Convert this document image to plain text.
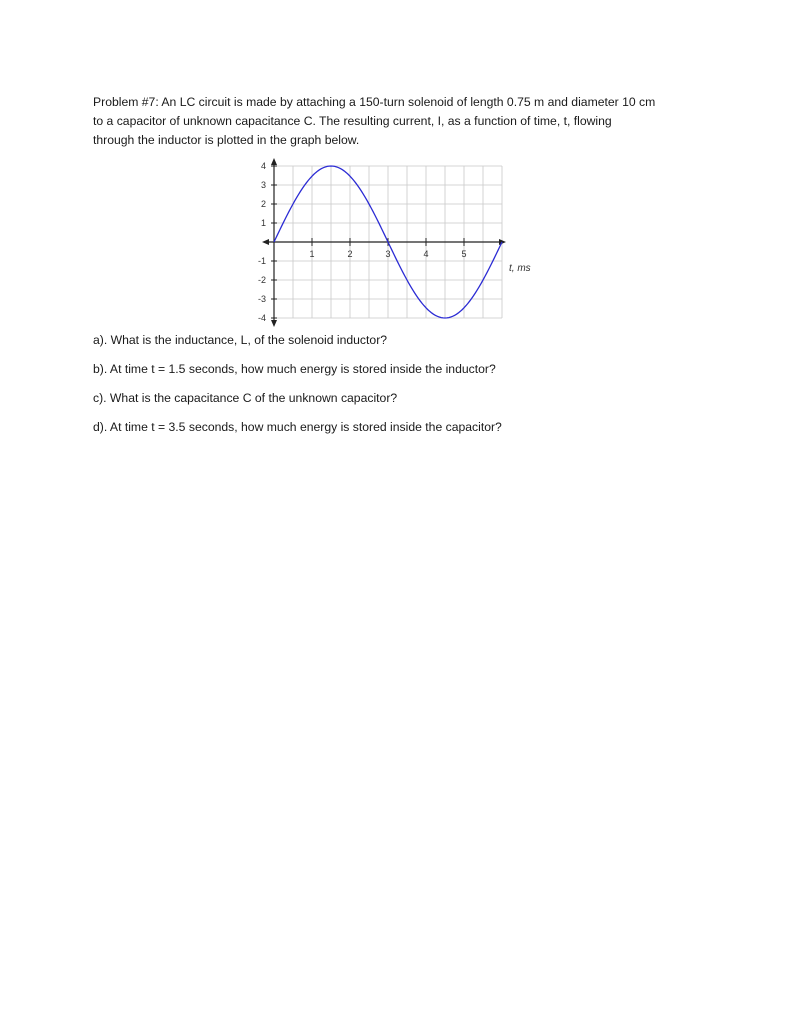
Problem #7: An LC circuit is made by attaching a 150-turn solenoid of length 0.75 m and diameter 10 cm
to a capacitor of unknown capacitance C. The resulting current, I, as a function of time, t, flowing
through the inductor is plotted in the graph below.
1	2	3	4	5
4
3
2
1
-1
-2
-3
-4
t, ms

a). What is the inductance, L, of the solenoid inductor?

b). At time t = 1.5 seconds, how much energy is stored inside the inductor?

c). What is the capacitance C of the unknown capacitor?

d). At time t = 3.5 seconds, how much energy is stored inside the capacitor?
